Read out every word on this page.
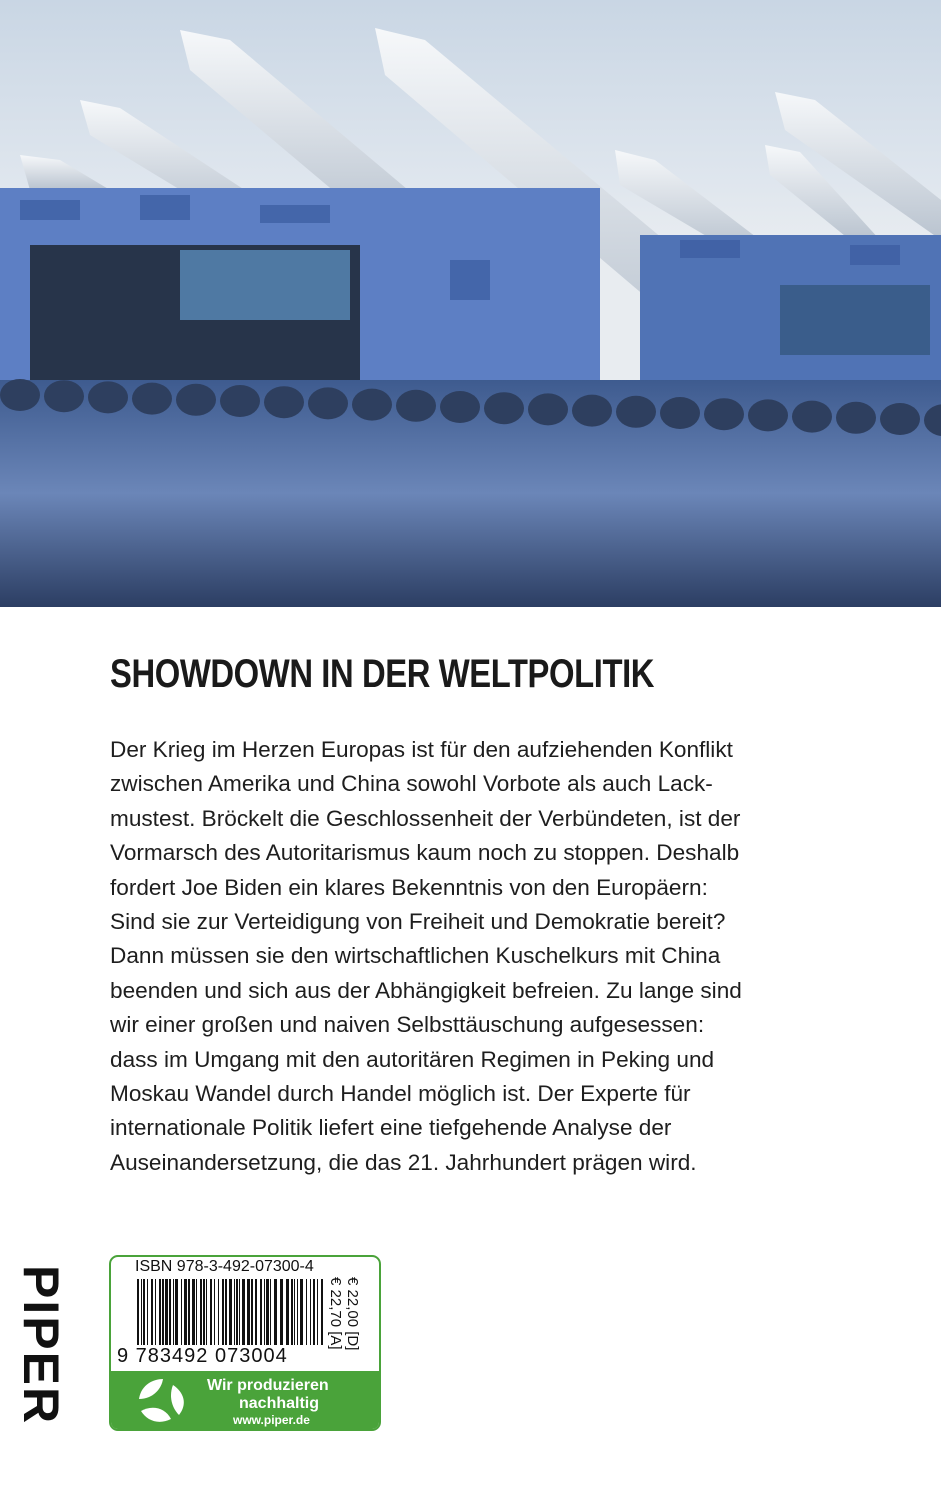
SHOWDOWN IN DER WELTPOLITIK
Der Krieg im Herzen Europas ist für den aufziehenden Konflikt
zwischen Amerika und China sowohl Vorbote als auch Lack-
mustest. Bröckelt die Geschlossenheit der Verbündeten, ist der
Vormarsch des Autoritarismus kaum noch zu stoppen. Deshalb
fordert Joe Biden ein klares Bekenntnis von den Europäern:
Sind sie zur Verteidigung von Freiheit und Demokratie bereit?
Dann müssen sie den wirtschaftlichen Kuschelkurs mit China
beenden und sich aus der Abhängigkeit befreien. Zu lange sind
wir einer großen und naiven Selbsttäuschung aufgesessen:
dass im Umgang mit den autoritären Regimen in Peking und
Moskau Wandel durch Handel möglich ist. Der Experte für
internationale Politik liefert eine tiefgehende Analyse der
Auseinandersetzung, die das 21. Jahrhundert prägen wird.
PIPER	ISBN 978-3-492-07300-4
9 783492 073004
€ 22,00 [D]
€ 22,70 [A]
Wir produzieren
nachhaltig
www.piper.de
